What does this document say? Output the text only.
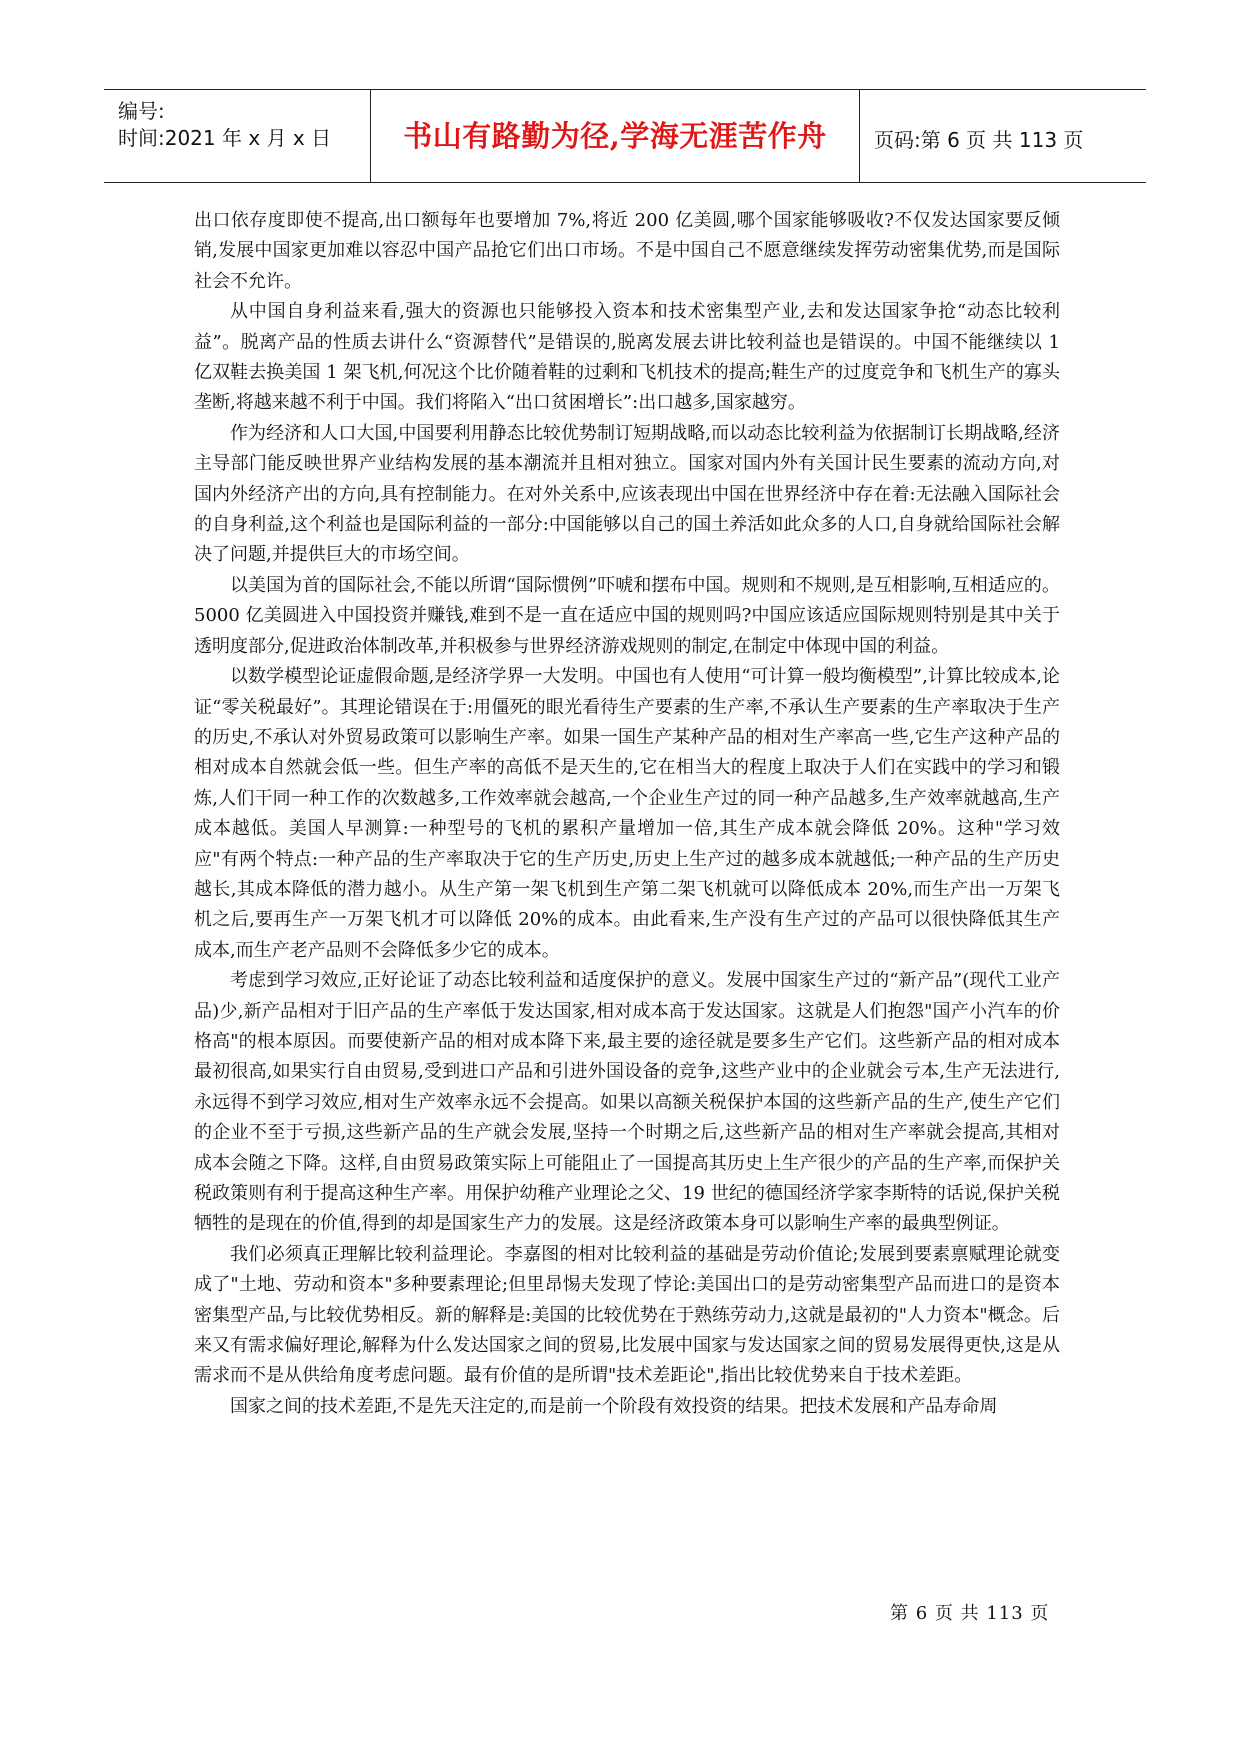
编号:
时间:2021 年 x 月 x 日	书山有路勤为径,学海无涯苦作舟	页码:第 6 页 共 113 页

出口依存度即使不提高,出口额每年也要增加 7%,将近 200 亿美圆,哪个国家能够吸收?不仅发达国家要反倾销,发展中国家更加难以容忍中国产品抢它们出口市场。不是中国自己不愿意继续发挥劳动密集优势,而是国际社会不允许。

从中国自身利益来看,强大的资源也只能够投入资本和技术密集型产业,去和发达国家争抢“动态比较利益”。脱离产品的性质去讲什么“资源替代”是错误的,脱离发展去讲比较利益也是错误的。中国不能继续以 1 亿双鞋去换美国 1 架飞机,何况这个比价随着鞋的过剩和飞机技术的提高;鞋生产的过度竞争和飞机生产的寡头垄断,将越来越不利于中国。我们将陷入“出口贫困增长”:出口越多,国家越穷。

作为经济和人口大国,中国要利用静态比较优势制订短期战略,而以动态比较利益为依据制订长期战略,经济主导部门能反映世界产业结构发展的基本潮流并且相对独立。国家对国内外有关国计民生要素的流动方向,对国内外经济产出的方向,具有控制能力。在对外关系中,应该表现出中国在世界经济中存在着:无法融入国际社会的自身利益,这个利益也是国际利益的一部分:中国能够以自己的国土养活如此众多的人口,自身就给国际社会解决了问题,并提供巨大的市场空间。

以美国为首的国际社会,不能以所谓“国际惯例”吓唬和摆布中国。规则和不规则,是互相影响,互相适应的。5000 亿美圆进入中国投资并赚钱,难到不是一直在适应中国的规则吗?中国应该适应国际规则特别是其中关于透明度部分,促进政治体制改革,并积极参与世界经济游戏规则的制定,在制定中体现中国的利益。

以数学模型论证虚假命题,是经济学界一大发明。中国也有人使用“可计算一般均衡模型”,计算比较成本,论证“零关税最好”。其理论错误在于:用僵死的眼光看待生产要素的生产率,不承认生产要素的生产率取决于生产的历史,不承认对外贸易政策可以影响生产率。如果一国生产某种产品的相对生产率高一些,它生产这种产品的相对成本自然就会低一些。但生产率的高低不是天生的,它在相当大的程度上取决于人们在实践中的学习和锻炼,人们干同一种工作的次数越多,工作效率就会越高,一个企业生产过的同一种产品越多,生产效率就越高,生产成本越低。美国人早测算:一种型号的飞机的累积产量增加一倍,其生产成本就会降低 20%。这种"学习效应"有两个特点:一种产品的生产率取决于它的生产历史,历史上生产过的越多成本就越低;一种产品的生产历史越长,其成本降低的潜力越小。从生产第一架飞机到生产第二架飞机就可以降低成本 20%,而生产出一万架飞机之后,要再生产一万架飞机才可以降低 20%的成本。由此看来,生产没有生产过的产品可以很快降低其生产成本,而生产老产品则不会降低多少它的成本。

考虑到学习效应,正好论证了动态比较利益和适度保护的意义。发展中国家生产过的“新产品”(现代工业产品)少,新产品相对于旧产品的生产率低于发达国家,相对成本高于发达国家。这就是人们抱怨"国产小汽车的价格高"的根本原因。而要使新产品的相对成本降下来,最主要的途径就是要多生产它们。这些新产品的相对成本最初很高,如果实行自由贸易,受到进口产品和引进外国设备的竞争,这些产业中的企业就会亏本,生产无法进行,永远得不到学习效应,相对生产效率永远不会提高。如果以高额关税保护本国的这些新产品的生产,使生产它们的企业不至于亏损,这些新产品的生产就会发展,坚持一个时期之后,这些新产品的相对生产率就会提高,其相对成本会随之下降。这样,自由贸易政策实际上可能阻止了一国提高其历史上生产很少的产品的生产率,而保护关税政策则有利于提高这种生产率。用保护幼稚产业理论之父、19 世纪的德国经济学家李斯特的话说,保护关税牺牲的是现在的价值,得到的却是国家生产力的发展。这是经济政策本身可以影响生产率的最典型例证。

我们必须真正理解比较利益理论。李嘉图的相对比较利益的基础是劳动价值论;发展到要素禀赋理论就变成了"土地、劳动和资本"多种要素理论;但里昂惕夫发现了悖论:美国出口的是劳动密集型产品而进口的是资本密集型产品,与比较优势相反。新的解释是:美国的比较优势在于熟练劳动力,这就是最初的"人力资本"概念。后来又有需求偏好理论,解释为什么发达国家之间的贸易,比发展中国家与发达国家之间的贸易发展得更快,这是从需求而不是从供给角度考虑问题。最有价值的是所谓"技术差距论",指出比较优势来自于技术差距。

国家之间的技术差距,不是先天注定的,而是前一个阶段有效投资的结果。把技术发展和产品寿命周

第 6 页 共 113 页
